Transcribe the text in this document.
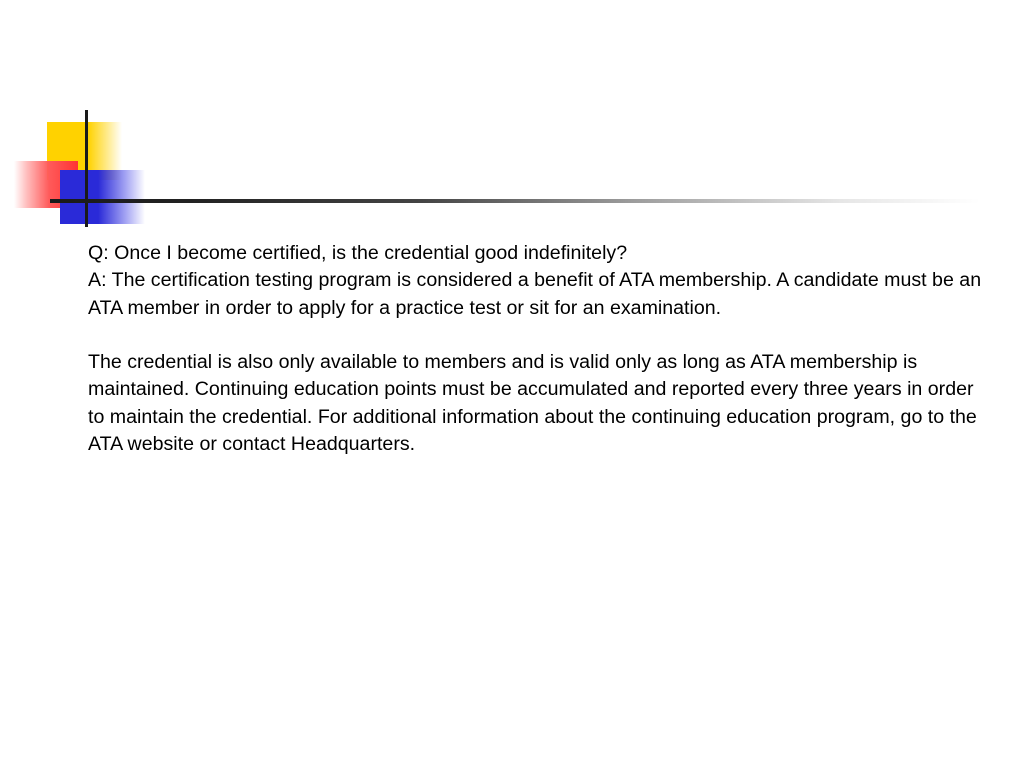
Q: Once I become certified, is the credential good indefinitely?

A: The certification testing program is considered a benefit of ATA membership. A candidate must be an ATA member in order to apply for a practice test or sit for an examination.

The credential is also only available to members and is valid only as long as ATA membership is maintained. Continuing education points must be accumulated and reported every three years in order to maintain the credential. For additional information about the continuing education program, go to the ATA website or contact Headquarters.
